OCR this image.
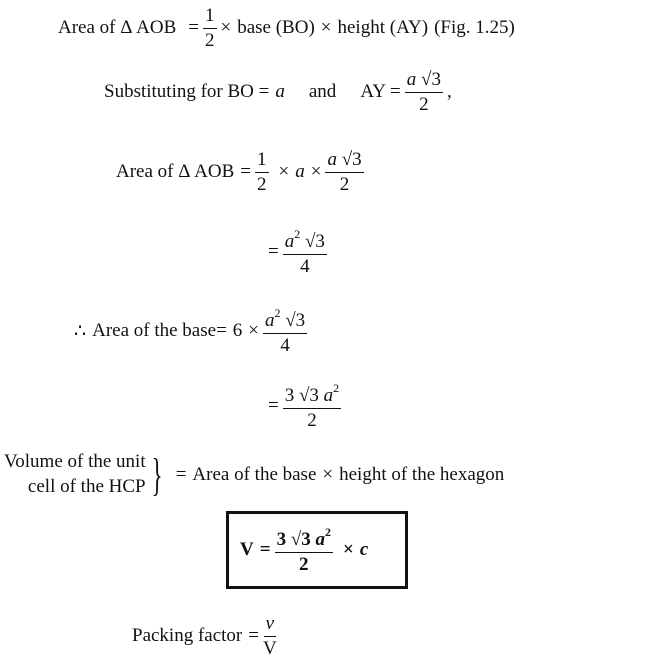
Area of Δ AOB = $\frac{1}{2}$ × base (BO) × height (AY) (Fig. 1.25)
Substituting for BO = a and AY = $\frac{a √3}{2}$ ,
Area of Δ AOB = $\frac{1}{2} \times a \times \frac{a √3}{2}$
= $\frac{a^2 √3}{4}$
∴ Area of the base = $6 \times \frac{a^2 √3}{4}$
= $\frac{3 √3 a^2}{2}$
Volume of the unit
cell of the HCP } = Area of the base × height of the hexagon
$V = \frac{3 √3 a^2}{2} \times c$
Packing factor = $\frac{v}{V}$
